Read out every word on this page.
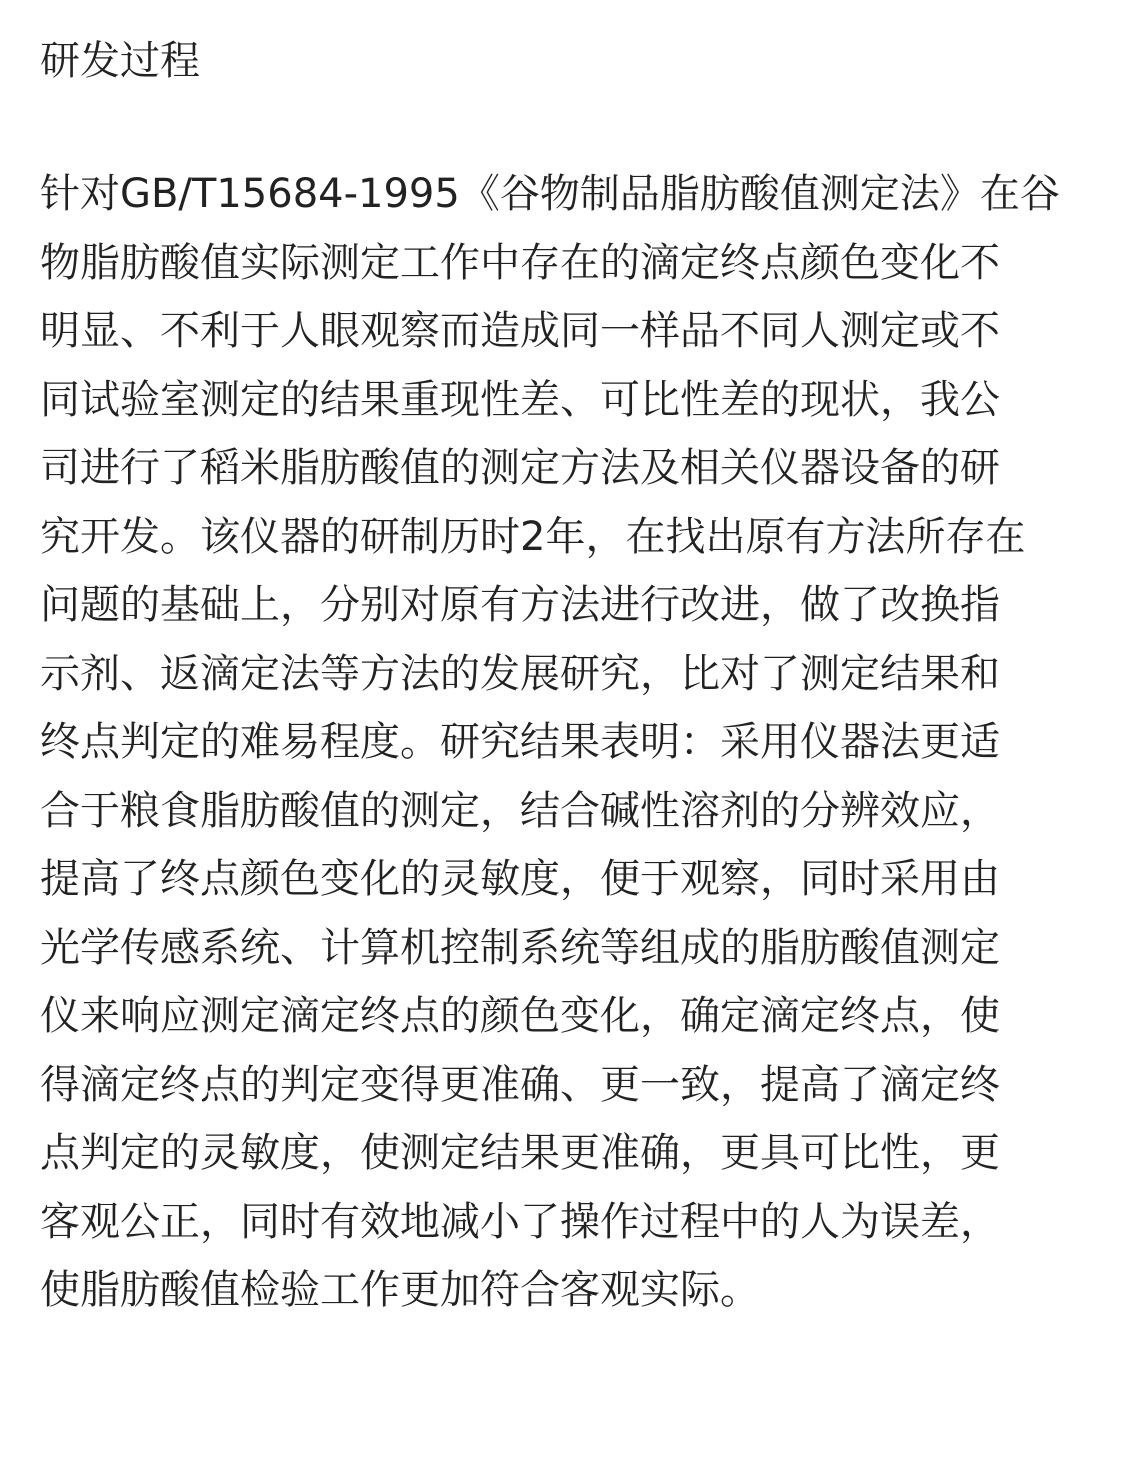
研发过程
针对GB/T15684-1995《谷物制品脂肪酸值测定法》在谷
物脂肪酸值实际测定工作中存在的滴定终点颜色变化不
明显、不利于人眼观察而造成同一样品不同人测定或不
同试验室测定的结果重现性差、可比性差的现状，我公
司进行了稻米脂肪酸值的测定方法及相关仪器设备的研
究开发。该仪器的研制历时2年，在找出原有方法所存在
问题的基础上，分别对原有方法进行改进，做了改换指
示剂、返滴定法等方法的发展研究，比对了测定结果和
终点判定的难易程度。研究结果表明：采用仪器法更适
合于粮食脂肪酸值的测定，结合碱性溶剂的分辨效应，
提高了终点颜色变化的灵敏度，便于观察，同时采用由
光学传感系统、计算机控制系统等组成的脂肪酸值测定
仪来响应测定滴定终点的颜色变化，确定滴定终点，使
得滴定终点的判定变得更准确、更一致，提高了滴定终
点判定的灵敏度，使测定结果更准确，更具可比性，更
客观公正，同时有效地减小了操作过程中的人为误差，
使脂肪酸值检验工作更加符合客观实际。
